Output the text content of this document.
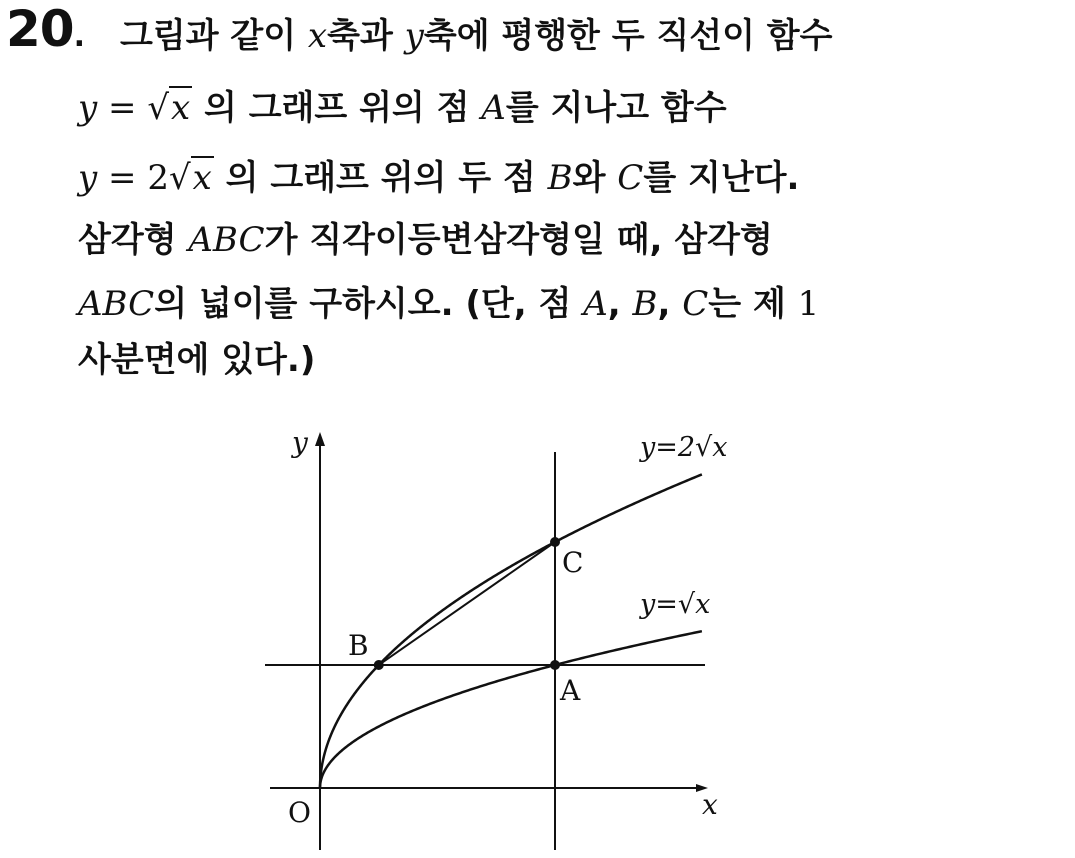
20. 그림과 같이 x축과 y축에 평행한 두 직선이 함수
y = √x 의 그래프 위의 점 A를 지나고 함수
y = 2√x 의 그래프 위의 두 점 B와 C를 지난다.
삼각형 ABC가 직각이등변삼각형일 때, 삼각형
ABC의 넓이를 구하시오. (단, 점 A, B, C는 제 1
사분면에 있다.)
y
x
O
A
B
C
y=2√x
y=√x
